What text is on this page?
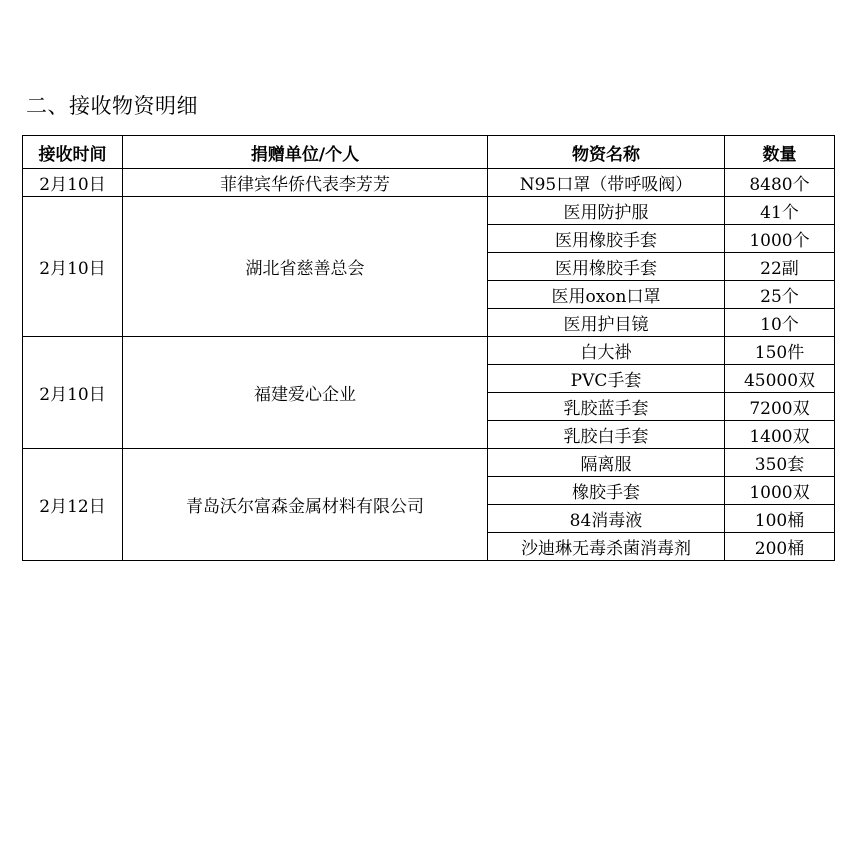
二、接收物资明细
接收时间	捐赠单位/个人	物资名称	数量
2月10日	菲律宾华侨代表李芳芳	N95口罩（带呼吸阀）	8480个
2月10日	湖北省慈善总会	医用防护服	41个
		医用橡胶手套	1000个
		医用橡胶手套	22副
		医用oxon口罩	25个
		医用护目镜	10个
2月10日	福建爱心企业	白大褂	150件
		PVC手套	45000双
		乳胶蓝手套	7200双
		乳胶白手套	1400双
2月12日	青岛沃尔富森金属材料有限公司	隔离服	350套
		橡胶手套	1000双
		84消毒液	100桶
		沙迪琳无毒杀菌消毒剂	200桶
